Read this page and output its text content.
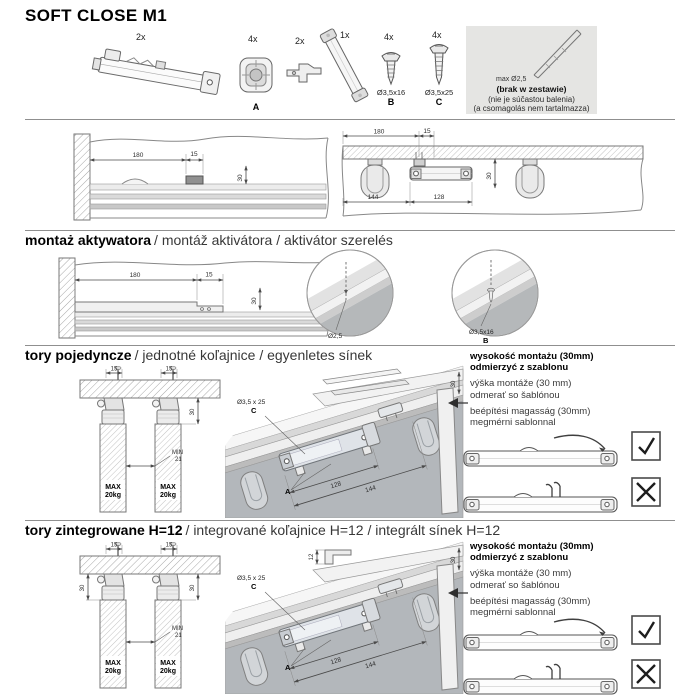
SOFT CLOSE M1
2x	4x
A
2x
1x	4x
Ø3,5x16
B
4x
Ø3,5x25
C
max Ø2,5
(brak w zestawie)
(nie je súčastou balenia)
(a csomagolás nem tartalmazza)
180	15
30
180	15
144	128
30
montaż aktywatora / montáž aktivátora / aktivátor szerelés
180	15
30
Ø2,5
Ø3,5x16
B
tory pojedyncze / jednotné koľajnice / egyenletes sínek
15	15
30
MIN
21
MAX
20kg
MAX
20kg
128	144
30
Ø3,5 x 25
C
A
wysokość montażu (30mm)
odmierzyć z szablonu
výška montáže (30 mm)
odmerať so šablónou
beépítési magasság (30mm)
megmérni sablonnal
tory zintegrowane H=12 / integrované koľajnice H=12 / integrált sínek H=12
15	15
30	30
MIN
21
MAX
20kg
MAX
20kg
12
128	144
30
Ø3,5 x 25
C
A
wysokość montażu (30mm)
odmierzyć z szablonu
výška montáže (30 mm)
odmerať so šablónou
beépítési magasság (30mm)
megmérni sablonnal
